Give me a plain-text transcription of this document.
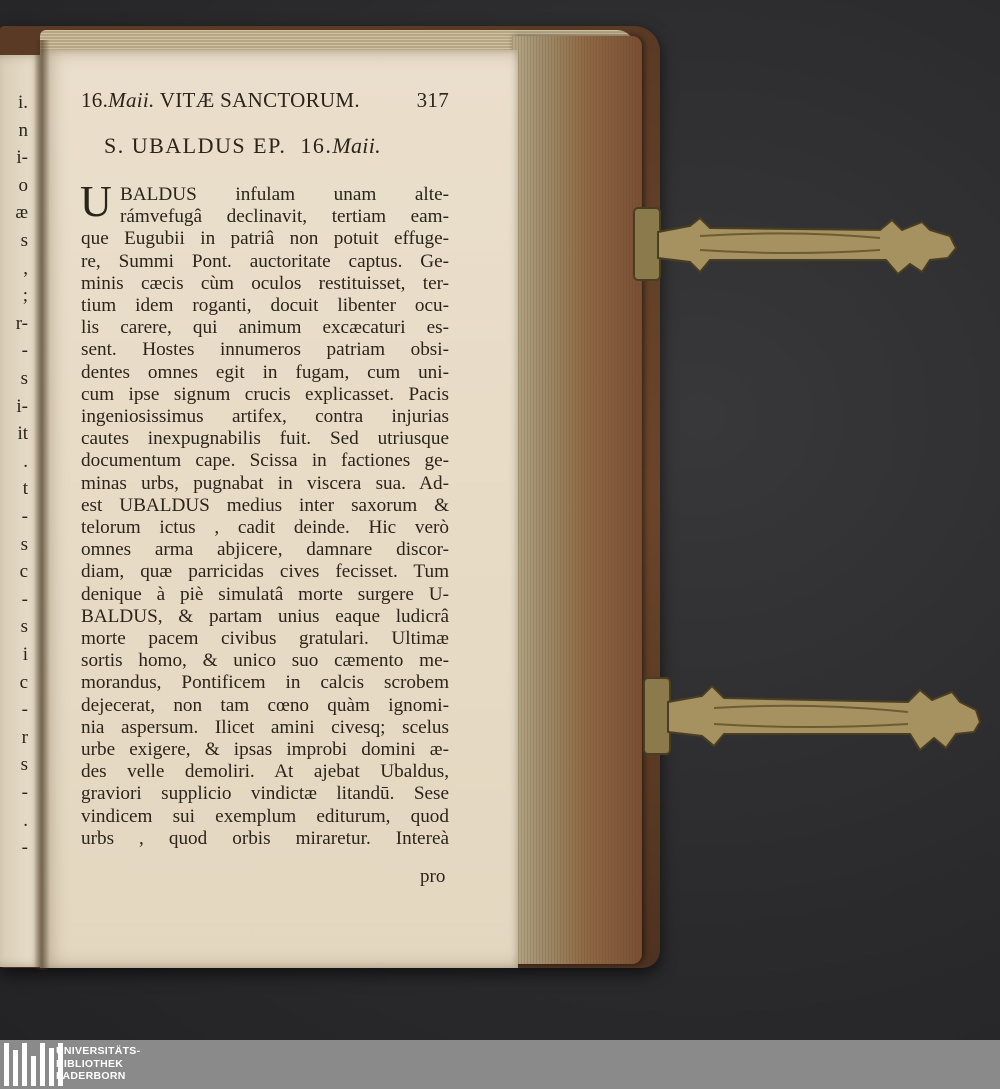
i.
n
i-
o
æ
s
,
;
r-
-
s
i-
it
.
t
-
s
c
-
s
i
c
-
r
s
-
.
-
16.Maii. VITÆ SANCTORUM.	317
S. UBALDUS EP. 16.Maii.
U BALDUS infulam unam alte-
rámvefugâ declinavit, tertiam eam-
que Eugubii in patriâ non potuit effuge-
re, Summi Pont. auctoritate captus. Ge-
minis cæcis cùm oculos restituisset, ter-
tium idem roganti, docuit libenter ocu-
lis carere, qui animum excæcaturi es-
sent. Hostes innumeros patriam obsi-
dentes omnes egit in fugam, cum uni-
cum ipse signum crucis explicasset. Pacis
ingeniosissimus artifex, contra injurias
cautes inexpugnabilis fuit. Sed utriusque
documentum cape. Scissa in factiones ge-
minas urbs, pugnabat in viscera sua. Ad-
est UBALDUS medius inter saxorum &
telorum ictus , cadit deinde. Hic verò
omnes arma abjicere, damnare discor-
diam, quæ parricidas cives fecisset. Tum
denique à piè simulatâ morte surgere U-
BALDUS, & partam unius eaque ludicrâ
morte pacem civibus gratulari. Ultimæ
sortis homo, & unico suo cæmento me-
morandus, Pontificem in calcis scrobem
dejecerat, non tam cœno quàm ignomi-
nia aspersum. Ilicet amini civesq; scelus
urbe exigere, & ipsas improbi domini æ-
des velle demoliri. At ajebat Ubaldus,
graviori supplicio vindictæ litandū. Sese
vindicem sui exemplum editurum, quod
urbs , quod orbis miraretur. Intereà
pro
UNIVERSITÄTS-
BIBLIOTHEK
PADERBORN
